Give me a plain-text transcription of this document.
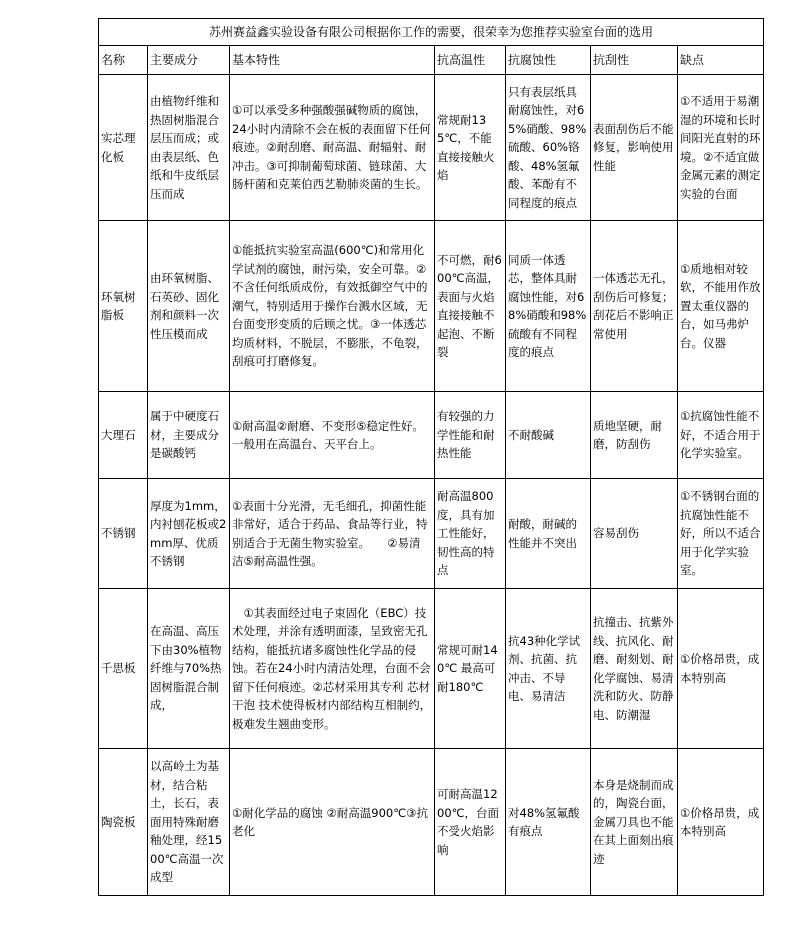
苏州赛益鑫实验设备有限公司根据你工作的需要，很荣幸为您推荐实验室台面的选用						
名称	主要成分	基本特性	抗高温性	抗腐蚀性	抗刮性	缺点
实芯理化板	由植物纤维和热固树脂混合层压而成；或由表层纸、色纸和牛皮纸层压而成	①可以承受多种强酸强碱物质的腐蚀，24小时内清除不会在板的表面留下任何痕迹。②耐刮磨、耐高温、耐辐射、耐冲击。③可抑制葡萄球菌、链球菌、大肠杆菌和克莱伯西艺勒肺炎菌的生长。	常规耐135℃，不能直接接触火焰	只有表层纸具耐腐蚀性，对65%硝酸、98%硫酸、60%铬酸、48%氢氟酸、苯酚有不同程度的痕点	表面刮伤后不能修复，影响使用性能	①不适用于易潮湿的环境和长时间阳光直射的环境。②不适宜做金属元素的测定实验的台面
环氧树脂板	由环氧树脂、石英砂、固化剂和颜料一次性压模而成	①能抵抗实验室高温(600℃)和常用化学试剂的腐蚀，耐污染，安全可靠。②不含任何纸质成份，有效抵御空气中的潮气，特别适用于操作台溅水区域，无台面变形变质的后顾之忧。③一体透芯均质材料，不脱层，不膨胀，不龟裂，刮痕可打磨修复。	不可燃，耐600℃高温，表面与火焰直接接触不起泡、不断裂	同质一体透芯，整体具耐腐蚀性能，对68%硝酸和98%硫酸有不同程度的痕点	一体透芯无孔，刮伤后可修复；刮花后不影响正常使用	①质地相对较软，不能用作放置太重仪器的台，如马弗炉台。仪器
大理石	属于中硬度石材，主要成分是碳酸钙	①耐高温②耐磨、不变形⑤稳定性好。一般用在高温台、天平台上。	有较强的力学性能和耐热性能	不耐酸碱	质地坚硬，耐磨，防刮伤	①抗腐蚀性能不好，不适合用于化学实验室。
不锈钢	厚度为1mm，内衬刨花板或2mm厚、优质不锈钢	①表面十分光滑，无毛细孔，抑菌性能非常好，适合于药品、食品等行业，特别适合于无菌生物实验室。　　②易清洁⑤耐高温性强。	耐高温800度，具有加工性能好，韧性高的特点	耐酸，耐碱的性能并不突出	容易刮伤	①不锈钢台面的抗腐蚀性能不好，所以不适合用于化学实验室。
千思板	在高温、高压下由30%植物纤维与70%热固树脂混合制成，	　①其表面经过电子束固化（EBC）技术处理，并涂有透明面漆，呈致密无孔结构，能抵抗诸多腐蚀性化学品的侵蚀。若在24小时内清洁处理，台面不会留下任何痕迹。②芯材采用其专利 芯材干泡 技术使得板材内部结构互相制约，极难发生翘曲变形。	常规可耐140℃ 最高可耐180℃	抗43种化学试剂、抗菌、抗冲击、不导电、易清洁	抗撞击、抗紫外线、抗风化、耐磨、耐刻划、耐化学腐蚀、易清洗和防火、防静电、防潮湿	①价格昂贵，成本特别高
陶瓷板	以高岭土为基材，结合粘土，长石，表面用特殊耐磨釉处理，经1500℃高温一次成型	①耐化学品的腐蚀 ②耐高温900℃③抗老化	可耐高温1200℃，台面不受火焰影响	对48%氢氟酸有痕点	本身是烧制而成的，陶瓷台面，金属刀具也不能在其上面刻出痕迹	①价格昂贵，成本特别高
